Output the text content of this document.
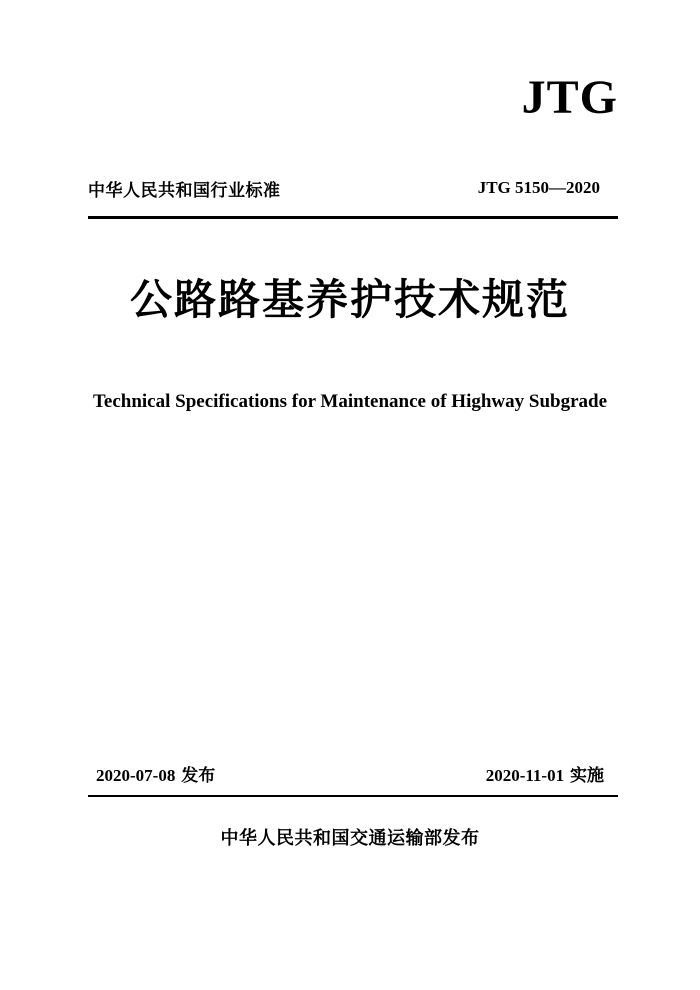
JTG
中华人民共和国行业标准	JTG 5150—2020
公路路基养护技术规范
Technical Specifications for Maintenance of Highway Subgrade
2020-07-08 发布	2020-11-01 实施
中华人民共和国交通运输部发布
